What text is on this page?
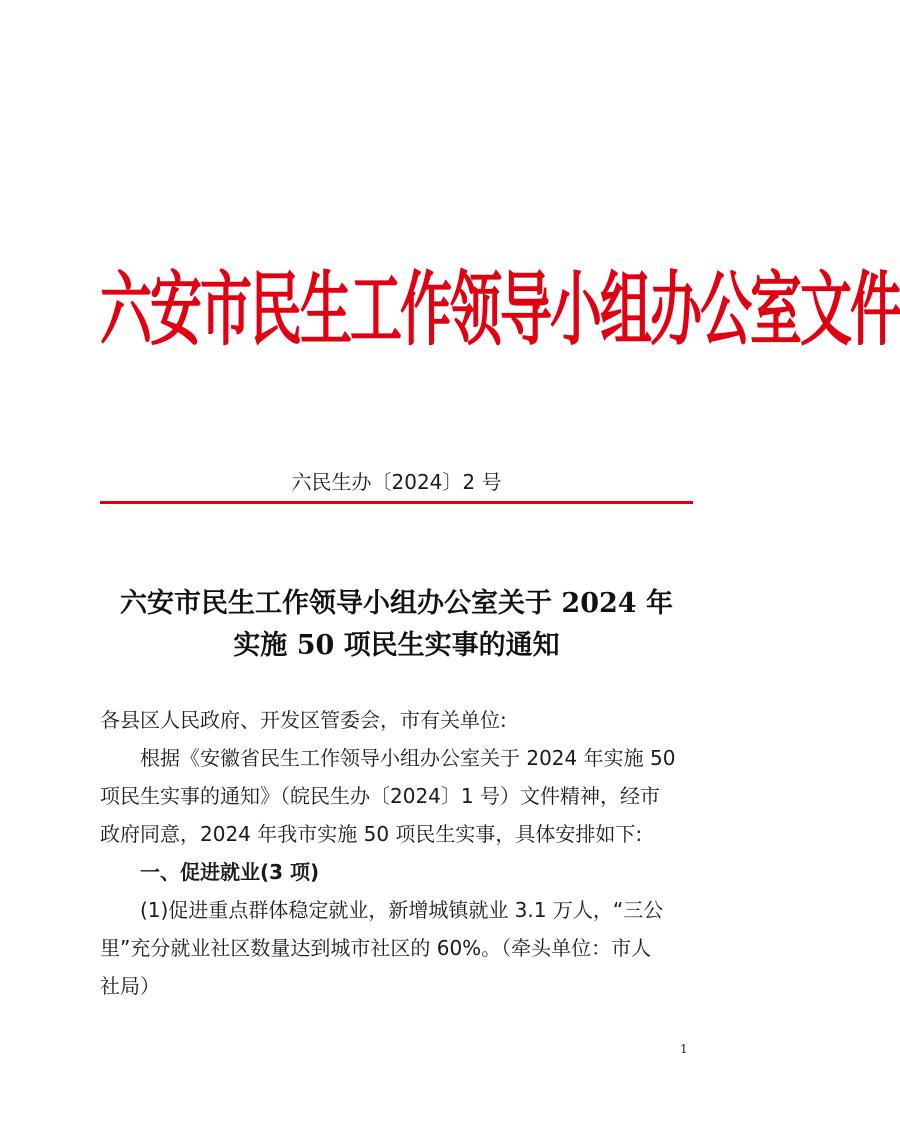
六安市民生工作领导小组办公室文件
六民生办〔2024〕2 号
六安市民生工作领导小组办公室关于 2024 年
实施 50 项民生实事的通知
各县区人民政府、开发区管委会，市有关单位:
根据《安徽省民生工作领导小组办公室关于 2024 年实施 50
项民生实事的通知》（皖民生办〔2024〕1 号）文件精神，经市
政府同意，2024 年我市实施 50 项民生实事，具体安排如下:
一、促进就业(3 项)
(1)促进重点群体稳定就业，新增城镇就业 3.1 万人，“三公
里”充分就业社区数量达到城市社区的 60%。（牵头单位：市人
社局）
1
